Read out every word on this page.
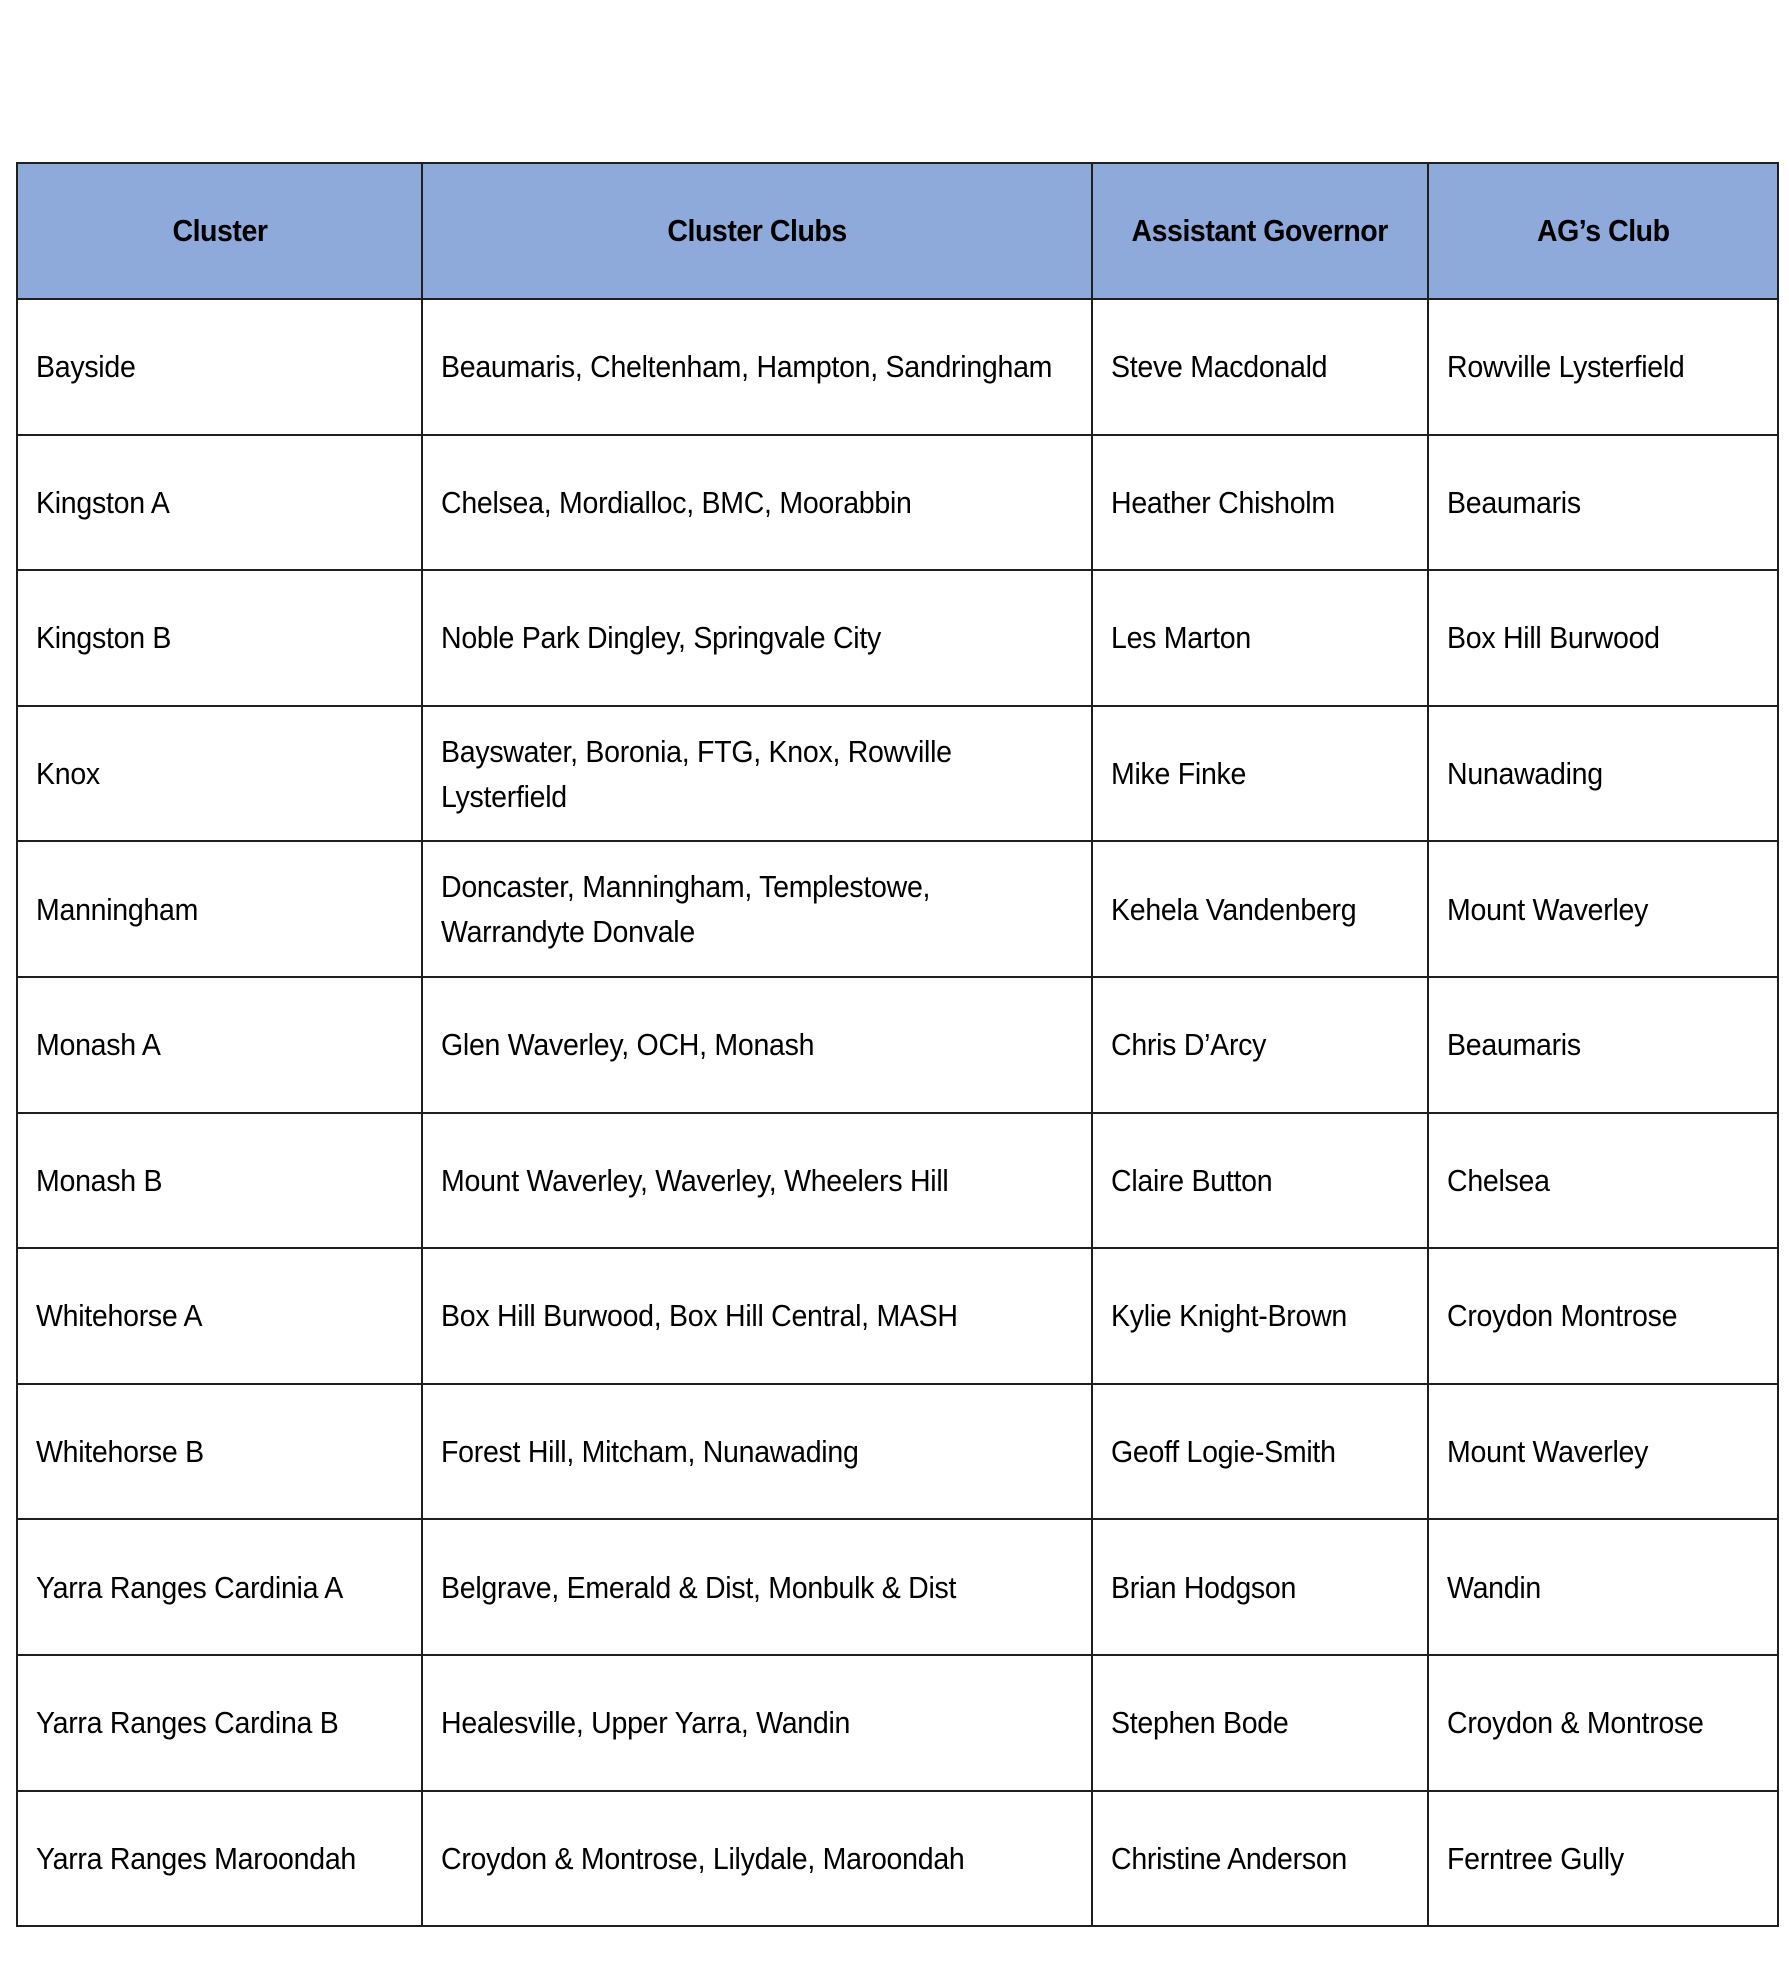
Cluster	Cluster Clubs	Assistant Governor	AG’s Club
Bayside	Beaumaris, Cheltenham, Hampton, Sandringham	Steve Macdonald	Rowville Lysterfield
Kingston A	Chelsea, Mordialloc, BMC, Moorabbin	Heather Chisholm	Beaumaris
Kingston B	Noble Park Dingley, Springvale City	Les Marton	Box Hill Burwood
Knox	Bayswater, Boronia, FTG, Knox, Rowville Lysterfield	Mike Finke	Nunawading
Manningham	Doncaster, Manningham, Templestowe, Warrandyte Donvale	Kehela Vandenberg	Mount Waverley
Monash A	Glen Waverley, OCH, Monash	Chris D’Arcy	Beaumaris
Monash B	Mount Waverley, Waverley, Wheelers Hill	Claire Button	Chelsea
Whitehorse A	Box Hill Burwood, Box Hill Central, MASH	Kylie Knight-Brown	Croydon Montrose
Whitehorse B	Forest Hill, Mitcham, Nunawading	Geoff Logie-Smith	Mount Waverley
Yarra Ranges Cardinia A	Belgrave, Emerald & Dist, Monbulk & Dist	Brian Hodgson	Wandin
Yarra Ranges Cardina B	Healesville, Upper Yarra, Wandin	Stephen Bode	Croydon & Montrose
Yarra Ranges Maroondah	Croydon & Montrose, Lilydale, Maroondah	Christine Anderson	Ferntree Gully
